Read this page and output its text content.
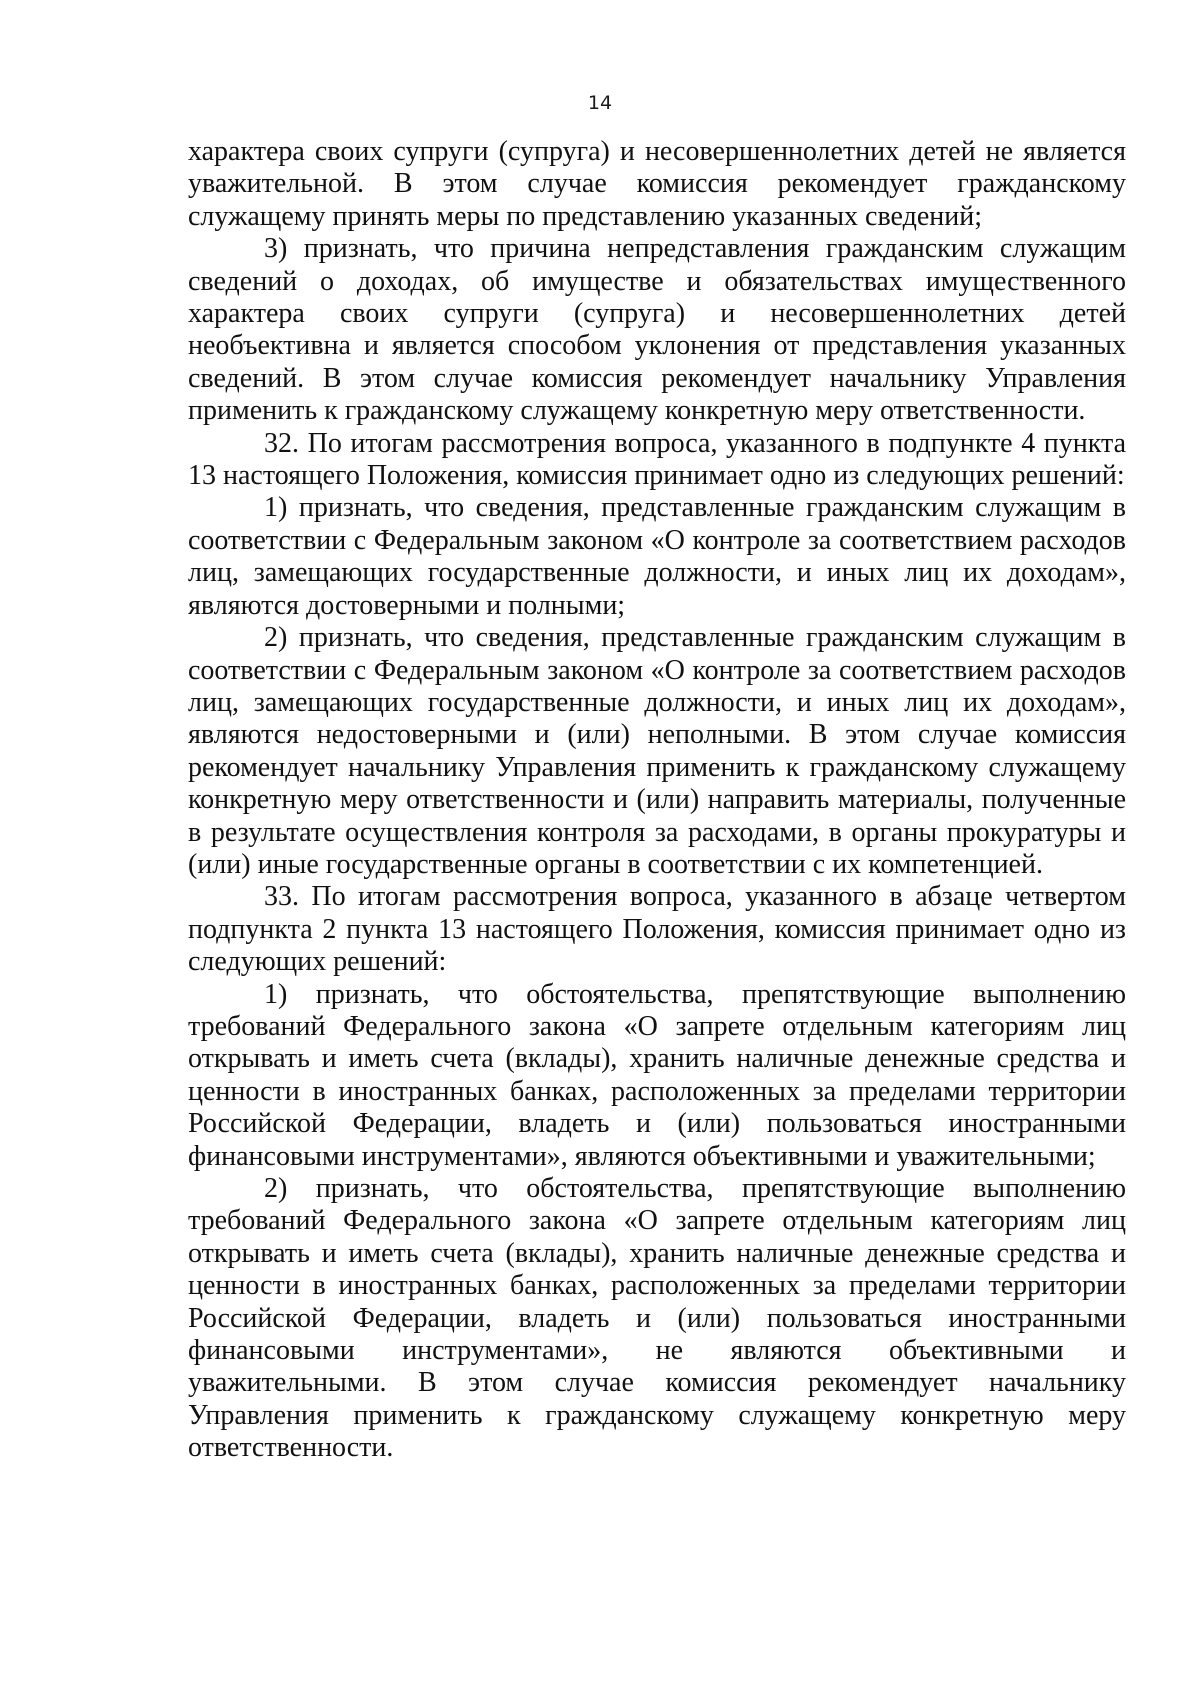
14

характера своих супруги (супруга) и несовершеннолетних детей не является уважительной. В этом случае комиссия рекомендует гражданскому служащему принять меры по представлению указанных сведений;

3) признать, что причина непредставления гражданским служащим сведений о доходах, об имуществе и обязательствах имущественного характера своих супруги (супруга) и несовершеннолетних детей необъективна и является способом уклонения от представления указанных сведений. В этом случае комиссия рекомендует начальнику Управления применить к гражданскому служащему конкретную меру ответственности.

32. По итогам рассмотрения вопроса, указанного в подпункте 4 пункта 13 настоящего Положения, комиссия принимает одно из следующих решений:

1) признать, что сведения, представленные гражданским служащим в соответствии с Федеральным законом «О контроле за соответствием расходов лиц, замещающих государственные должности, и иных лиц их доходам», являются достоверными и полными;

2) признать, что сведения, представленные гражданским служащим в соответствии с Федеральным законом «О контроле за соответствием расходов лиц, замещающих государственные должности, и иных лиц их доходам», являются недостоверными и (или) неполными. В этом случае комиссия рекомендует начальнику Управления применить к гражданскому служащему конкретную меру ответственности и (или) направить материалы, полученные в результате осуществления контроля за расходами, в органы прокуратуры и (или) иные государственные органы в соответствии с их компетенцией.

33. По итогам рассмотрения вопроса, указанного в абзаце четвертом подпункта 2 пункта 13 настоящего Положения, комиссия принимает одно из следующих решений:

1) признать, что обстоятельства, препятствующие выполнению требований Федерального закона «О запрете отдельным категориям лиц открывать и иметь счета (вклады), хранить наличные денежные средства и ценности в иностранных банках, расположенных за пределами территории Российской Федерации, владеть и (или) пользоваться иностранными финансовыми инструментами», являются объективными и уважительными;

2) признать, что обстоятельства, препятствующие выполнению требований Федерального закона «О запрете отдельным категориям лиц открывать и иметь счета (вклады), хранить наличные денежные средства и ценности в иностранных банках, расположенных за пределами территории Российской Федерации, владеть и (или) пользоваться иностранными финансовыми инструментами», не являются объективными и уважительными. В этом случае комиссия рекомендует начальнику Управления применить к гражданскому служащему конкретную меру ответственности.
